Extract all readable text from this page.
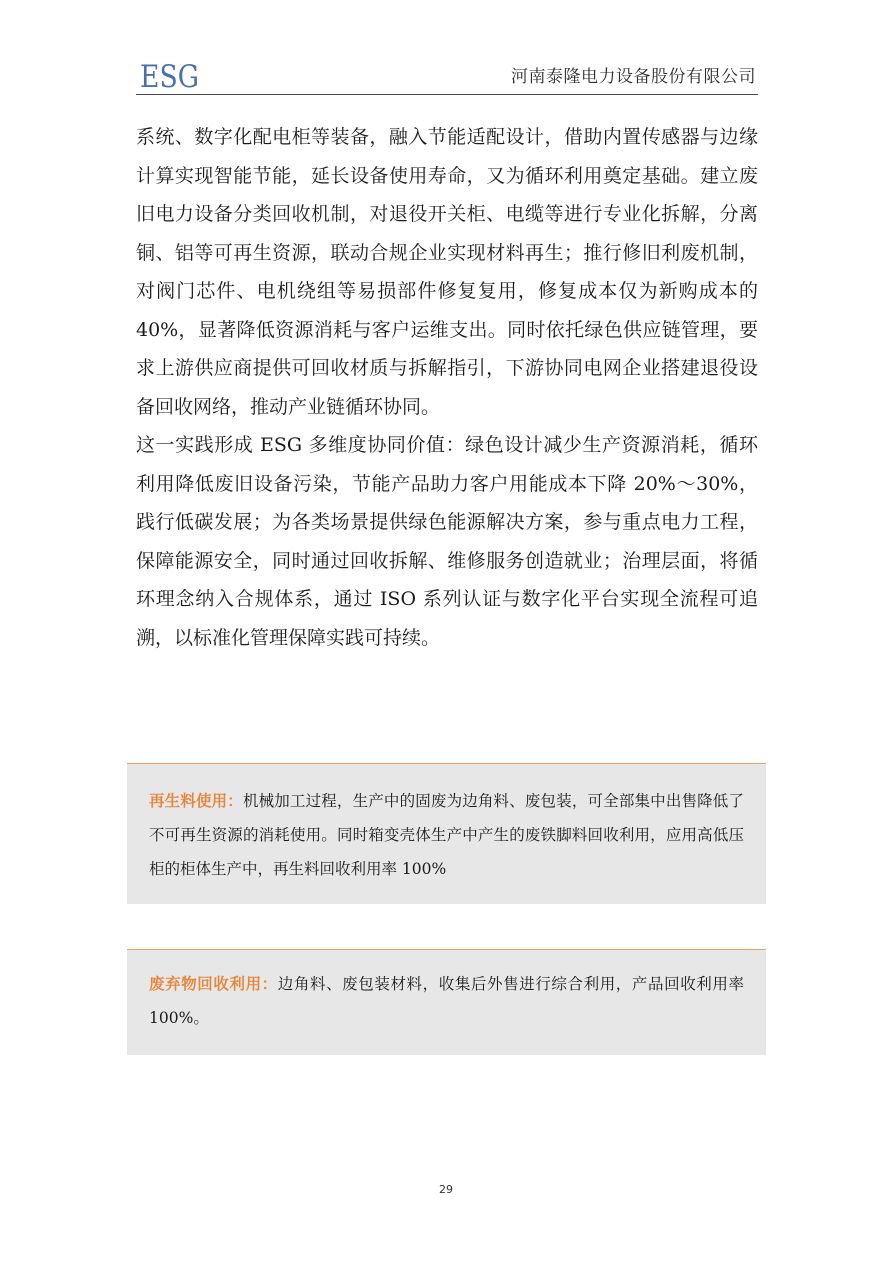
ESG	河南泰隆电力设备股份有限公司

系统、数字化配电柜等装备，融入节能适配设计，借助内置传感器与边缘计算实现智能节能，延长设备使用寿命，又为循环利用奠定基础。建立废旧电力设备分类回收机制，对退役开关柜、电缆等进行专业化拆解，分离铜、铝等可再生资源，联动合规企业实现材料再生；推行修旧利废机制，对阀门芯件、电机绕组等易损部件修复复用，修复成本仅为新购成本的 40%，显著降低资源消耗与客户运维支出。同时依托绿色供应链管理，要求上游供应商提供可回收材质与拆解指引，下游协同电网企业搭建退役设备回收网络，推动产业链循环协同。

这一实践形成 ESG 多维度协同价值：绿色设计减少生产资源消耗，循环利用降低废旧设备污染，节能产品助力客户用能成本下降 20%～30%，践行低碳发展；为各类场景提供绿色能源解决方案，参与重点电力工程，保障能源安全，同时通过回收拆解、维修服务创造就业；治理层面，将循环理念纳入合规体系，通过 ISO 系列认证与数字化平台实现全流程可追溯，以标准化管理保障实践可持续。

再生料使用：机械加工过程，生产中的固废为边角料、废包装，可全部集中出售降低了不可再生资源的消耗使用。同时箱变壳体生产中产生的废铁脚料回收利用，应用高低压柜的柜体生产中，再生料回收利用率 100%
废弃物回收利用：边角料、废包装材料，收集后外售进行综合利用，产品回收利用率 100%。
29
